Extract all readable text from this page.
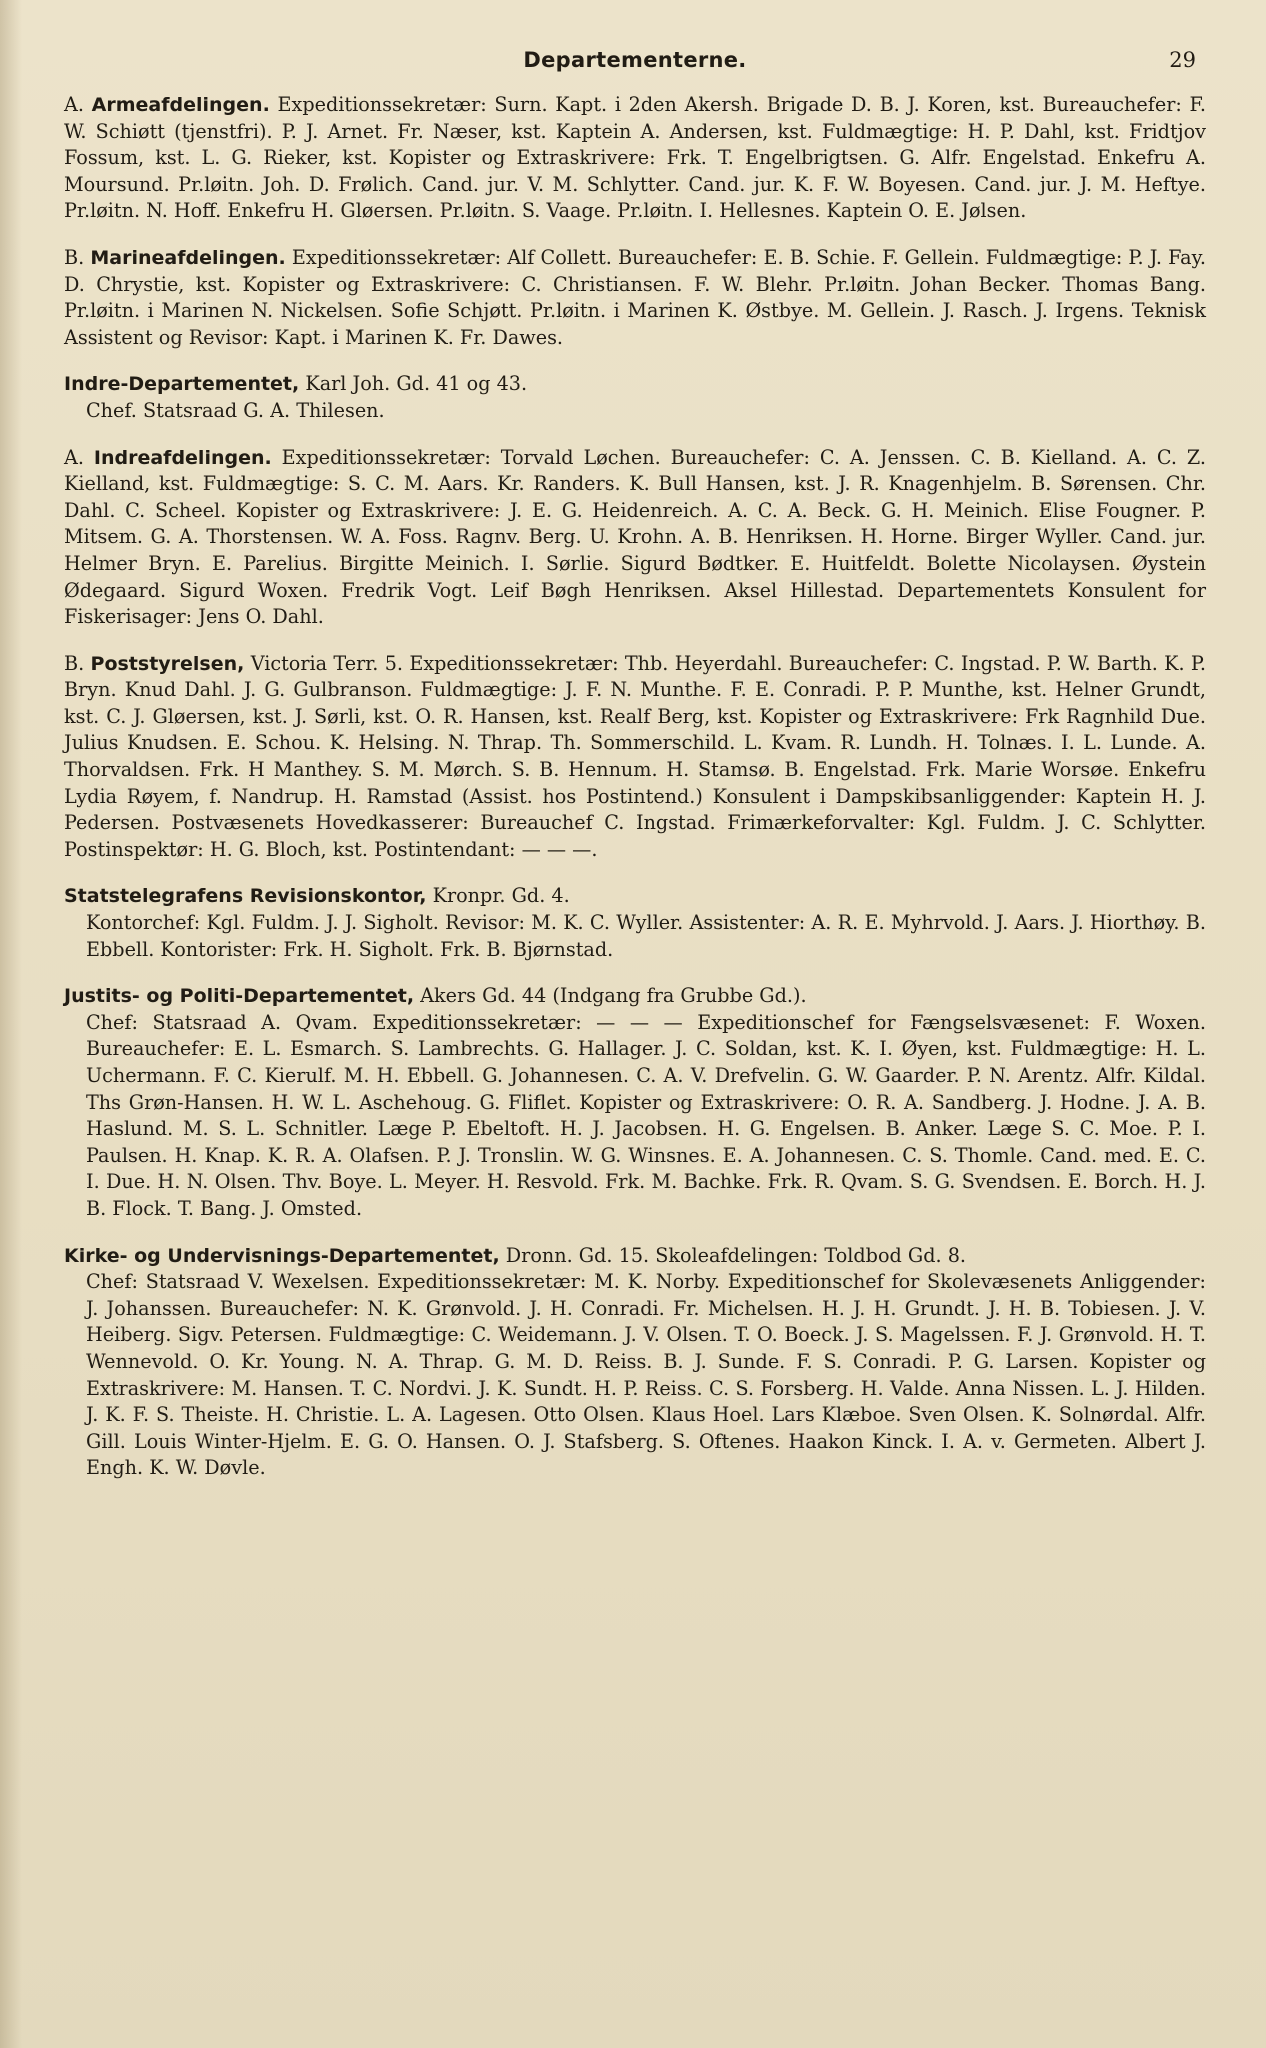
Departementerne.	29
A. Armeafdelingen. Expeditionssekretær: Surn. Kapt. i 2den Akersh. Brigade D. B. J. Koren, kst. Bureauchefer: F. W. Schiøtt (tjenstfri). P. J. Arnet. Fr. Næser, kst. Kaptein A. Andersen, kst. Fuldmægtige: H. P. Dahl, kst. Fridtjov Fossum, kst. L. G. Rieker, kst. Kopister og Extraskrivere: Frk. T. Engelbrigtsen. G. Alfr. Engelstad. Enkefru A. Moursund. Pr.løitn. Joh. D. Frølich. Cand. jur. V. M. Schlytter. Cand. jur. K. F. W. Boyesen. Cand. jur. J. M. Heftye. Pr.løitn. N. Hoff. Enkefru H. Gløersen. Pr.løitn. S. Vaage. Pr.løitn. I. Hellesnes. Kaptein O. E. Jølsen.
B. Marineafdelingen. Expeditionssekretær: Alf Collett. Bureauchefer: E. B. Schie. F. Gellein. Fuldmægtige: P. J. Fay. D. Chrystie, kst. Kopister og Extraskrivere: C. Christiansen. F. W. Blehr. Pr.løitn. Johan Becker. Thomas Bang. Pr.løitn. i Marinen N. Nickelsen. Sofie Schjøtt. Pr.løitn. i Marinen K. Østbye. M. Gellein. J. Rasch. J. Irgens. Teknisk Assistent og Revisor: Kapt. i Marinen K. Fr. Dawes.
Indre-Departementet, Karl Joh. Gd. 41 og 43.
Chef. Statsraad G. A. Thilesen.
A. Indreafdelingen. Expeditionssekretær: Torvald Løchen. Bureauchefer: C. A. Jenssen. C. B. Kielland. A. C. Z. Kielland, kst. Fuldmægtige: S. C. M. Aars. Kr. Randers. K. Bull Hansen, kst. J. R. Knagenhjelm. B. Sørensen. Chr. Dahl. C. Scheel. Kopister og Extraskrivere: J. E. G. Heidenreich. A. C. A. Beck. G. H. Meinich. Elise Fougner. P. Mitsem. G. A. Thorstensen. W. A. Foss. Ragnv. Berg. U. Krohn. A. B. Henriksen. H. Horne. Birger Wyller. Cand. jur. Helmer Bryn. E. Parelius. Birgitte Meinich. I. Sørlie. Sigurd Bødtker. E. Huitfeldt. Bolette Nicolaysen. Øystein Ødegaard. Sigurd Woxen. Fredrik Vogt. Leif Bøgh Henriksen. Aksel Hillestad. Departementets Konsulent for Fiskerisager: Jens O. Dahl.
B. Poststyrelsen, Victoria Terr. 5. Expeditionssekretær: Thb. Heyerdahl. Bureauchefer: C. Ingstad. P. W. Barth. K. P. Bryn. Knud Dahl. J. G. Gulbranson. Fuldmægtige: J. F. N. Munthe. F. E. Conradi. P. P. Munthe, kst. Helner Grundt, kst. C. J. Gløersen, kst. J. Sørli, kst. O. R. Hansen, kst. Realf Berg, kst. Kopister og Extraskrivere: Frk Ragnhild Due. Julius Knudsen. E. Schou. K. Helsing. N. Thrap. Th. Sommerschild. L. Kvam. R. Lundh. H. Tolnæs. I. L. Lunde. A. Thorvaldsen. Frk. H Manthey. S. M. Mørch. S. B. Hennum. H. Stamsø. B. Engelstad. Frk. Marie Worsøe. Enkefru Lydia Røyem, f. Nandrup. H. Ramstad (Assist. hos Postintend.) Konsulent i Dampskibsanliggender: Kaptein H. J. Pedersen. Postvæsenets Hovedkasserer: Bureauchef C. Ingstad. Frimærkeforvalter: Kgl. Fuldm. J. C. Schlytter. Postinspektør: H. G. Bloch, kst. Postintendant: — — —.
Statstelegrafens Revisionskontor, Kronpr. Gd. 4.
Kontorchef: Kgl. Fuldm. J. J. Sigholt. Revisor: M. K. C. Wyller. Assistenter: A. R. E. Myhrvold. J. Aars. J. Hiorthøy. B. Ebbell. Kontorister: Frk. H. Sigholt. Frk. B. Bjørnstad.
Justits- og Politi-Departementet, Akers Gd. 44 (Indgang fra Grubbe Gd.).
Chef: Statsraad A. Qvam. Expeditionssekretær: — — — Expeditionschef for Fængselsvæsenet: F. Woxen. Bureauchefer: E. L. Esmarch. S. Lambrechts. G. Hallager. J. C. Soldan, kst. K. I. Øyen, kst. Fuldmægtige: H. L. Uchermann. F. C. Kierulf. M. H. Ebbell. G. Johannesen. C. A. V. Drefvelin. G. W. Gaarder. P. N. Arentz. Alfr. Kildal. Ths Grøn-Hansen. H. W. L. Aschehoug. G. Fliflet. Kopister og Extraskrivere: O. R. A. Sandberg. J. Hodne. J. A. B. Haslund. M. S. L. Schnitler. Læge P. Ebeltoft. H. J. Jacobsen. H. G. Engelsen. B. Anker. Læge S. C. Moe. P. I. Paulsen. H. Knap. K. R. A. Olafsen. P. J. Tronslin. W. G. Winsnes. E. A. Johannesen. C. S. Thomle. Cand. med. E. C. I. Due. H. N. Olsen. Thv. Boye. L. Meyer. H. Resvold. Frk. M. Bachke. Frk. R. Qvam. S. G. Svendsen. E. Borch. H. J. B. Flock. T. Bang. J. Omsted.
Kirke- og Undervisnings-Departementet, Dronn. Gd. 15. Skoleafdelingen: Toldbod Gd. 8.
Chef: Statsraad V. Wexelsen. Expeditionssekretær: M. K. Norby. Expeditionschef for Skolevæsenets Anliggender: J. Johanssen. Bureauchefer: N. K. Grønvold. J. H. Conradi. Fr. Michelsen. H. J. H. Grundt. J. H. B. Tobiesen. J. V. Heiberg. Sigv. Petersen. Fuldmægtige: C. Weidemann. J. V. Olsen. T. O. Boeck. J. S. Magelssen. F. J. Grønvold. H. T. Wennevold. O. Kr. Young. N. A. Thrap. G. M. D. Reiss. B. J. Sunde. F. S. Conradi. P. G. Larsen. Kopister og Extraskrivere: M. Hansen. T. C. Nordvi. J. K. Sundt. H. P. Reiss. C. S. Forsberg. H. Valde. Anna Nissen. L. J. Hilden. J. K. F. S. Theiste. H. Christie. L. A. Lagesen. Otto Olsen. Klaus Hoel. Lars Klæboe. Sven Olsen. K. Solnørdal. Alfr. Gill. Louis Winter-Hjelm. E. G. O. Hansen. O. J. Stafsberg. S. Oftenes. Haakon Kinck. I. A. v. Germeten. Albert J. Engh. K. W. Døvle.
